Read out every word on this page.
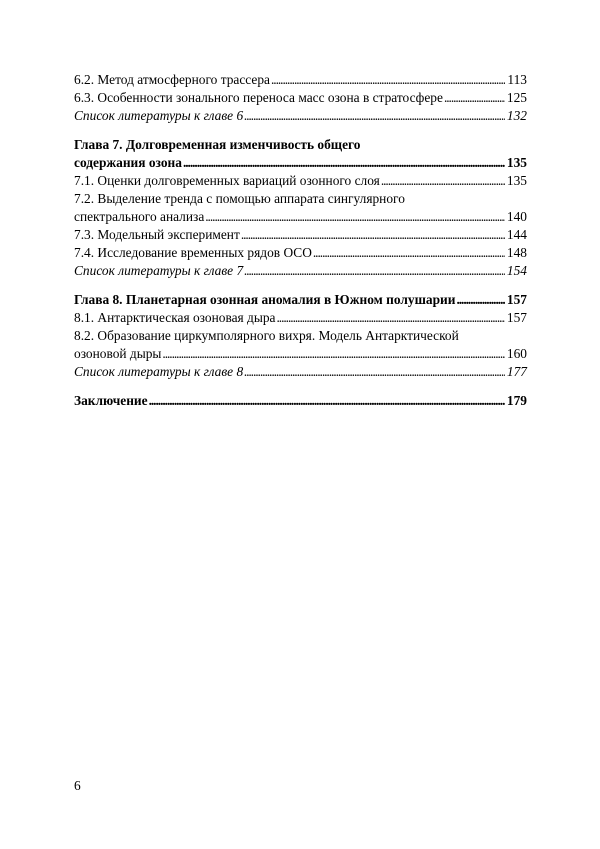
6.2. Метод атмосферного трассера . . .	113
6.3. Особенности зонального переноса масс озона в стратосфере . . .	125
Список литературы к главе 6 . . .	132
Глава 7. Долговременная изменчивость общего
содержания озона . . .	135
7.1. Оценки долговременных вариаций озонного слоя . . .	135
7.2. Выделение тренда с помощью аппарата сингулярного
спектрального анализа . . .	140
7.3. Модельный эксперимент . . .	144
7.4. Исследование временных рядов ОСО . . .	148
Список литературы к главе 7 . . .	154
Глава 8. Планетарная озонная аномалия в Южном полушарии . . .	157
8.1. Антарктическая озоновая дыра . . .	157
8.2. Образование циркумполярного вихря. Модель Антарктической
озоновой дыры . . .	160
Список литературы к главе 8 . . .	177
Заключение . . .	179
6
